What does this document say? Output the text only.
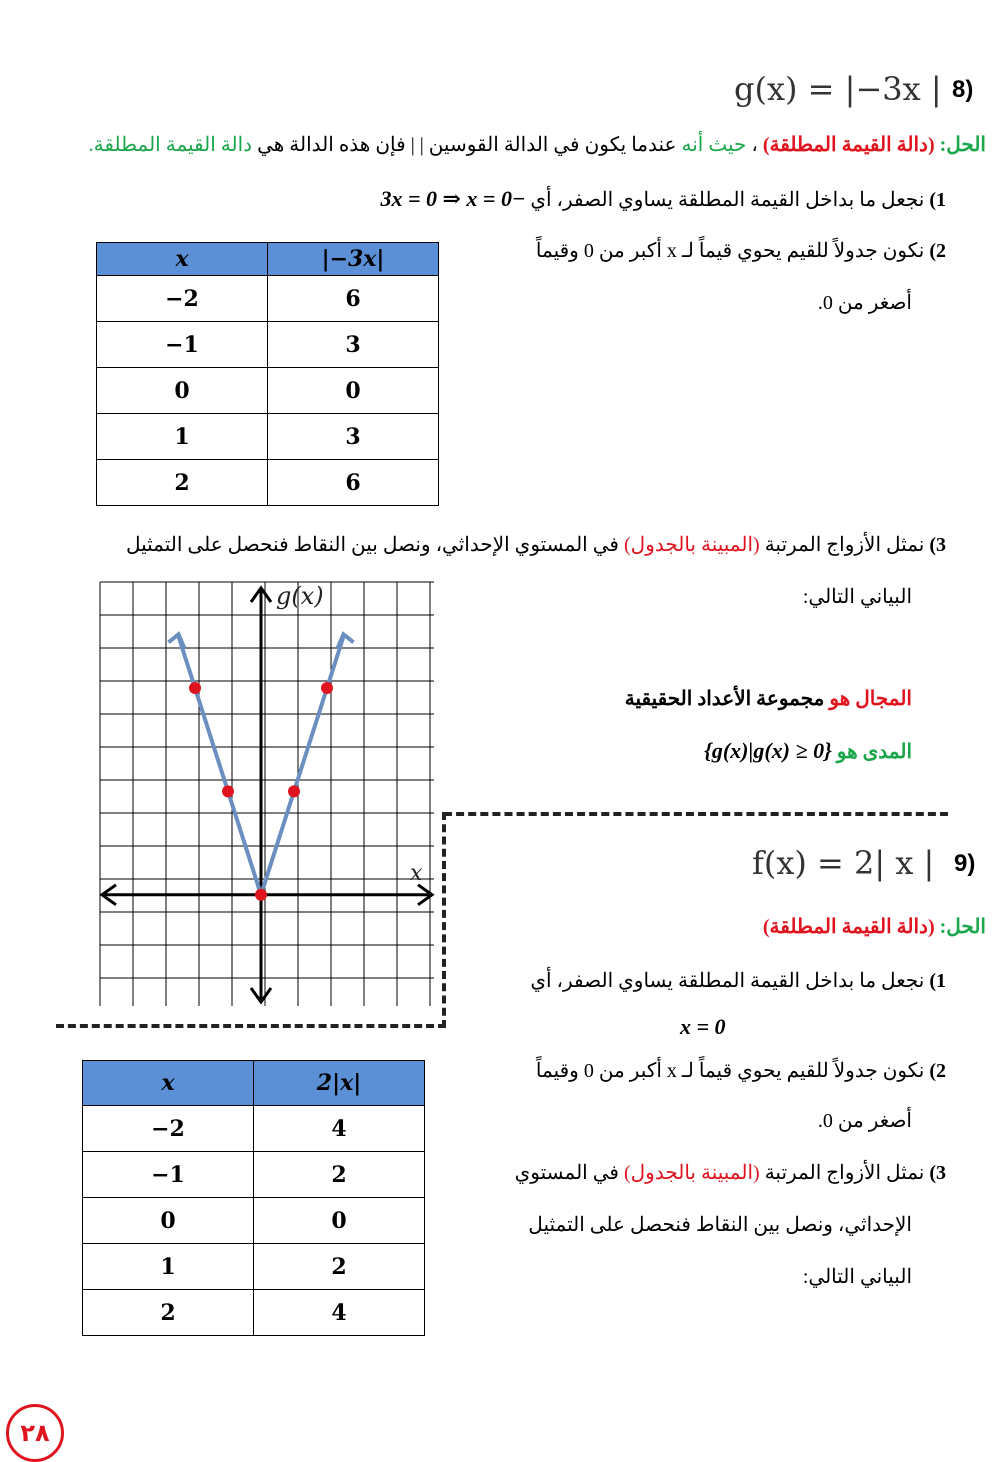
8)
g(x) = |−3x |
الحل: (دالة القيمة المطلقة) ، حيث أنه عندما يكون في الدالة القوسين | | فإن هذه الدالة هي دالة القيمة المطلقة.
1) نجعل ما بداخل القيمة المطلقة يساوي الصفر، أي −3x = 0 ⇒ x = 0
2) نكون جدولاً للقيم يحوي قيماً لـ x أكبر من 0 وقيماً
أصغر من 0.
x	|−3x|
−2	6
−1	3
0	0
1	3
2	6
3) نمثل الأزواج المرتبة (المبينة بالجدول) في المستوي الإحداثي، ونصل بين النقاط فنحصل على التمثيل
البياني التالي:
المجال هو مجموعة الأعداد الحقيقية
المدى هو {g(x)|g(x) ≥ 0}
g(x)
x	9)
f(x) = 2| x |
الحل: (دالة القيمة المطلقة)
1) نجعل ما بداخل القيمة المطلقة يساوي الصفر، أي
x = 0
2) نكون جدولاً للقيم يحوي قيماً لـ x أكبر من 0 وقيماً
أصغر من 0.
3) نمثل الأزواج المرتبة (المبينة بالجدول) في المستوي
الإحداثي، ونصل بين النقاط فنحصل على التمثيل
البياني التالي:
x	2|x|
−2	4
−1	2
0	0
1	2
2	4
٢٨
